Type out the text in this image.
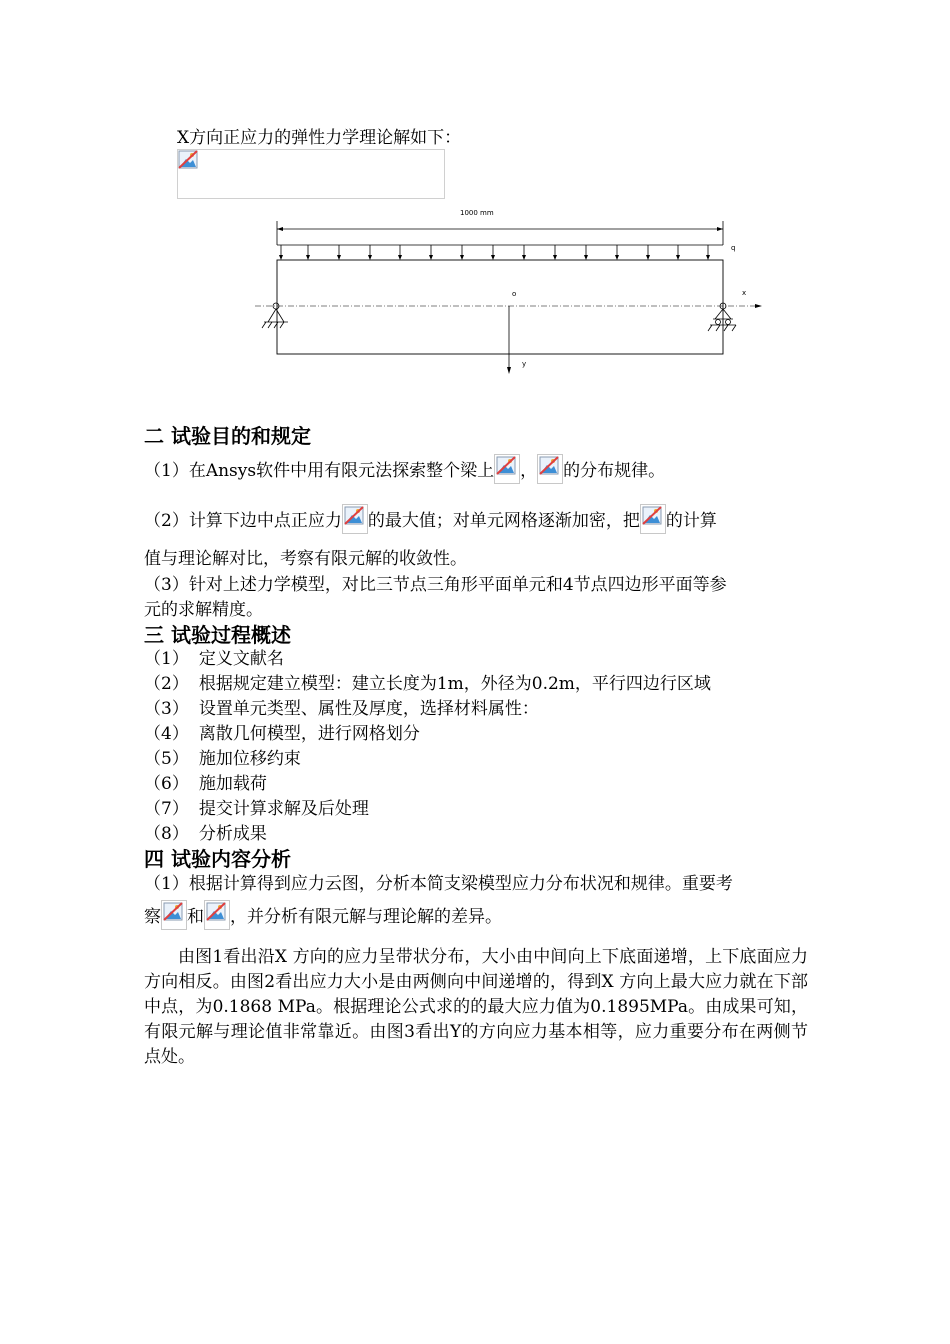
X方向正应力的弹性力学理论解如下：
1000 mm
q
x
y
o
二 试验目的和规定
（1）在Ansys软件中用有限元法探索整个梁上 ， 的分布规律。
（2）计算下边中点正应力 的最大值；对单元网格逐渐加密，把 的计算
值与理论解对比，考察有限元解的收敛性。
（3）针对上述力学模型，对比三节点三角形平面单元和4节点四边形平面等参
元的求解精度。
三 试验过程概述
（1） 定义文献名
（2） 根据规定建立模型：建立长度为1m，外径为0.2m，平行四边行区域
（3） 设置单元类型、属性及厚度，选择材料属性：
（4） 离散几何模型，进行网格划分
（5） 施加位移约束
（6） 施加载荷
（7） 提交计算求解及后处理
（8） 分析成果
四 试验内容分析
（1）根据计算得到应力云图，分析本简支梁模型应力分布状况和规律。重要考
察 和 ，并分析有限元解与理论解的差异。
由图1看出沿X 方向的应力呈带状分布，大小由中间向上下底面递增，上下底面应力方向相反。由图2看出应力大小是由两侧向中间递增的，得到X 方向上最大应力就在下部中点，为0.1868 MPa。根据理论公式求的的最大应力值为0.1895MPa。由成果可知，有限元解与理论值非常靠近。由图3看出Y的方向应力基本相等，应力重要分布在两侧节点处。
